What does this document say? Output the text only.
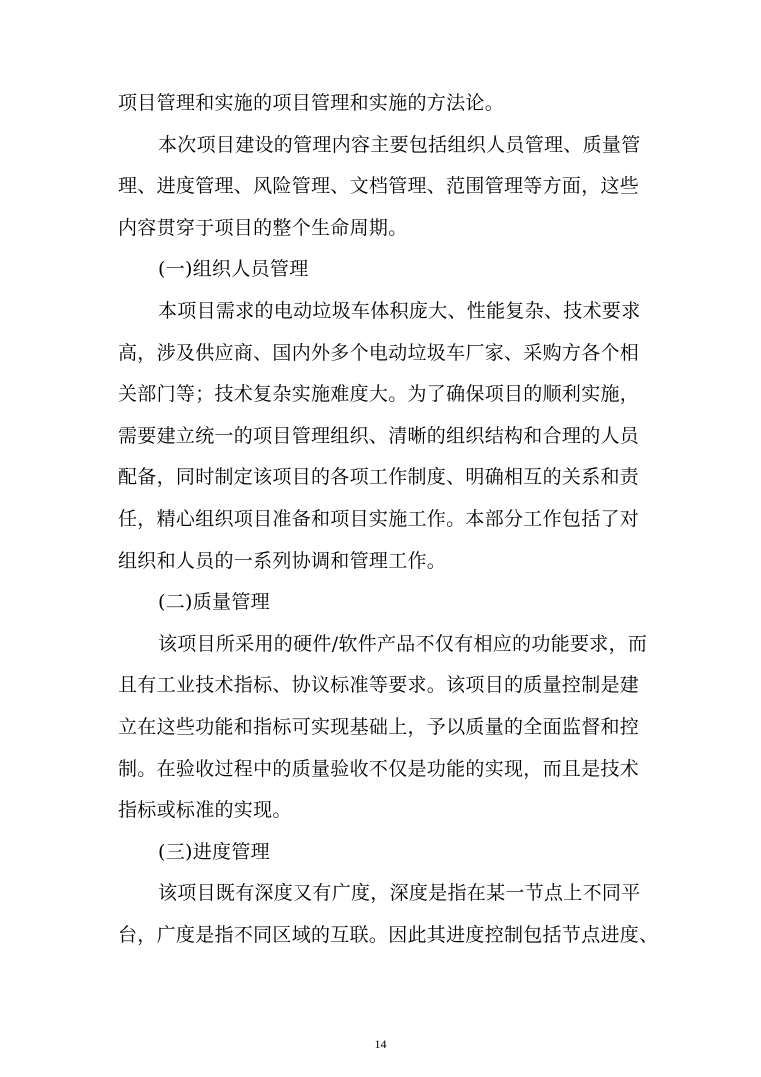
项目管理和实施的项目管理和实施的方法论。
本次项目建设的管理内容主要包括组织人员管理、质量管
理、进度管理、风险管理、文档管理、范围管理等方面，这些
内容贯穿于项目的整个生命周期。
(一)组织人员管理
本项目需求的电动垃圾车体积庞大、性能复杂、技术要求
高，涉及供应商、国内外多个电动垃圾车厂家、采购方各个相
关部门等；技术复杂实施难度大。为了确保项目的顺利实施，
需要建立统一的项目管理组织、清晰的组织结构和合理的人员
配备，同时制定该项目的各项工作制度、明确相互的关系和责
任，精心组织项目准备和项目实施工作。本部分工作包括了对
组织和人员的一系列协调和管理工作。
(二)质量管理
该项目所采用的硬件/软件产品不仅有相应的功能要求，而
且有工业技术指标、协议标准等要求。该项目的质量控制是建
立在这些功能和指标可实现基础上，予以质量的全面监督和控
制。在验收过程中的质量验收不仅是功能的实现，而且是技术
指标或标准的实现。
(三)进度管理
该项目既有深度又有广度，深度是指在某一节点上不同平
台，广度是指不同区域的互联。因此其进度控制包括节点进度、
14
